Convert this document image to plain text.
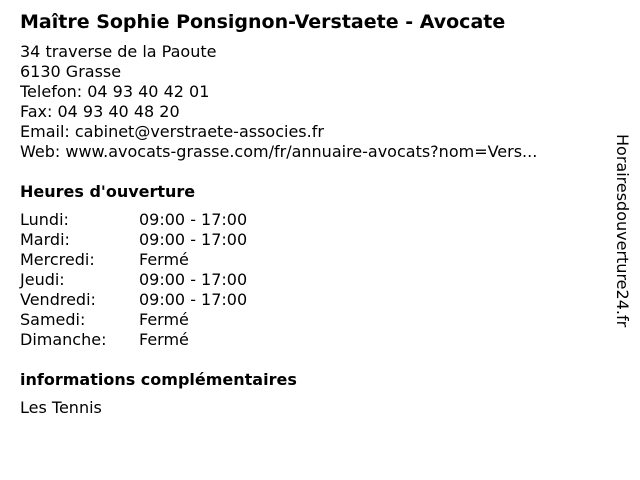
Maître Sophie Ponsignon-Verstaete - Avocate
34 traverse de la Paoute
6130 Grasse
Telefon: 04 93 40 42 01
Fax: 04 93 40 48 20
Email: cabinet@verstraete-associes.fr
Web: www.avocats-grasse.com/fr/annuaire-avocats?nom=Vers...
Heures d'ouverture
Lundi:	09:00 - 17:00
Mardi:	09:00 - 17:00
Mercredi:	Fermé
Jeudi:	09:00 - 17:00
Vendredi:	09:00 - 17:00
Samedi:	Fermé
Dimanche:	Fermé
informations complémentaires
Les Tennis
Horairesdouverture24.fr
